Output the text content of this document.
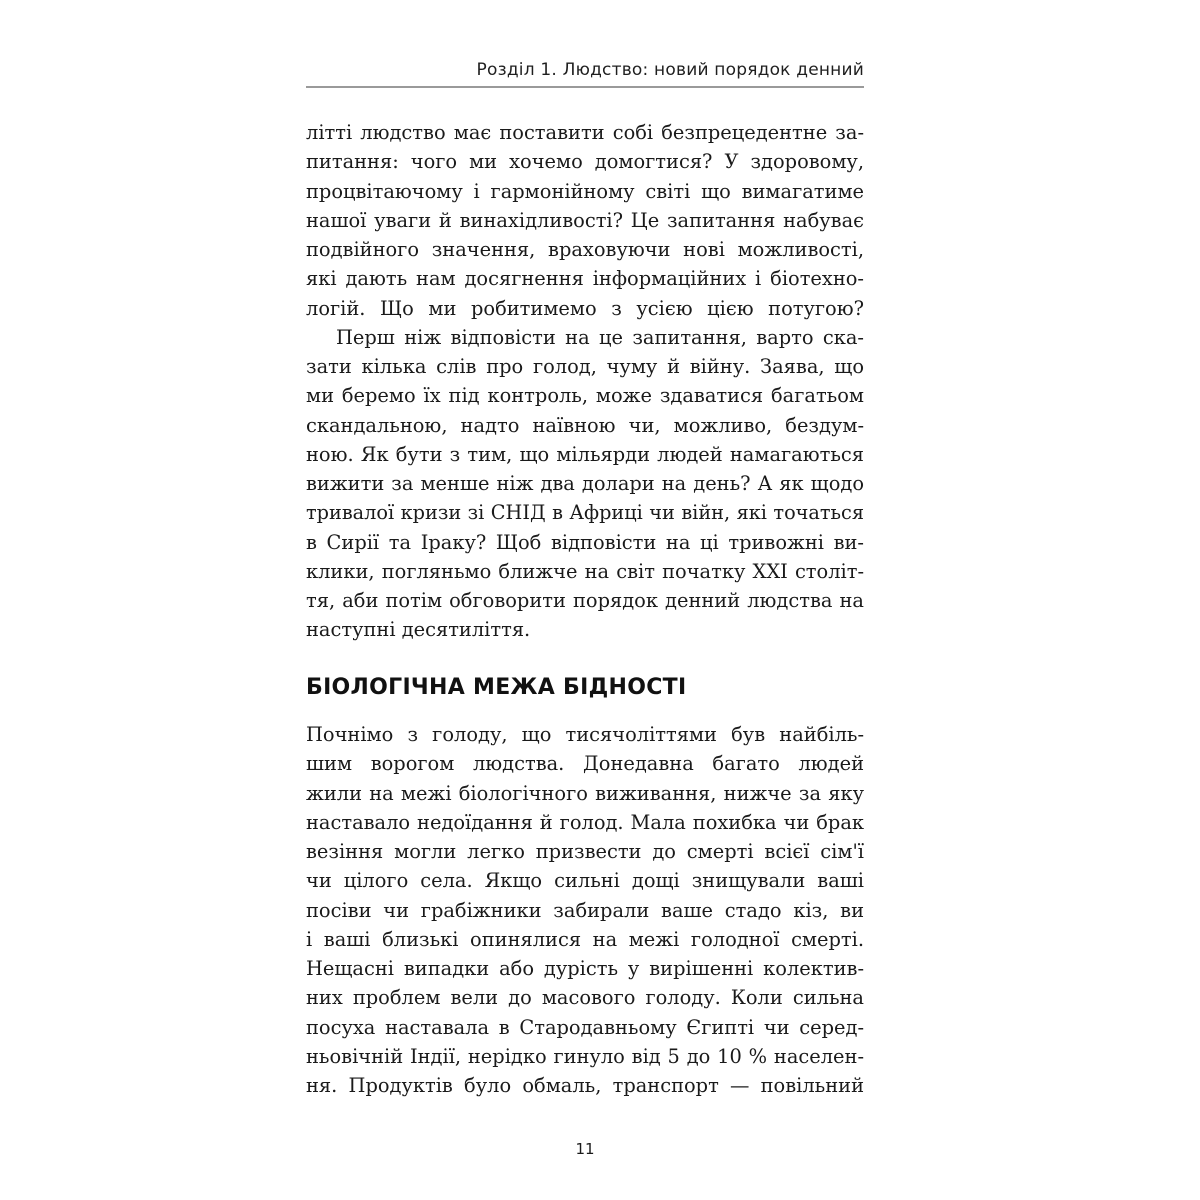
Розділ 1. Людство: новий порядок денний
літті людство має поставити собі безпрецедентне за-
питання: чого ми хочемо домогтися? У здоровому,
процвітаючому і гармонійному світі що вимагатиме
нашої уваги й винахідливості? Це запитання набуває
подвійного значення, враховуючи нові можливості,
які дають нам досягнення інформаційних і біотехно-
логій. Що ми робитимемо з усією цією потугою?
Перш ніж відповісти на це запитання, варто ска-
зати кілька слів про голод, чуму й війну. Заява, що
ми беремо їх під контроль, може здаватися багатьом
скандальною, надто наївною чи, можливо, бездум-
ною. Як бути з тим, що мільярди людей намагаються
вижити за менше ніж два долари на день? А як щодо
тривалої кризи зі СНІД в Африці чи війн, які точаться
в Сирії та Іраку? Щоб відповісти на ці тривожні ви-
клики, погляньмо ближче на світ початку XXI століт-
тя, аби потім обговорити порядок денний людства на
наступні десятиліття.
БІОЛОГІЧНА МЕЖА БІДНОСТІ
Почнімо з голоду, що тисячоліттями був найбіль-
шим ворогом людства. Донедавна багато людей
жили на межі біологічного виживання, нижче за яку
наставало недоїдання й голод. Мала похибка чи брак
везіння могли легко призвести до смерті всієї сім'ї
чи цілого села. Якщо сильні дощі знищували ваші
посіви чи грабіжники забирали ваше стадо кіз, ви
і ваші близькі опинялися на межі голодної смерті.
Нещасні випадки або дурість у вирішенні колектив-
них проблем вели до масового голоду. Коли сильна
посуха наставала в Стародавньому Єгипті чи серед-
ньовічній Індії, нерідко гинуло від 5 до 10 % населен-
ня. Продуктів було обмаль, транспорт — повільний
11
